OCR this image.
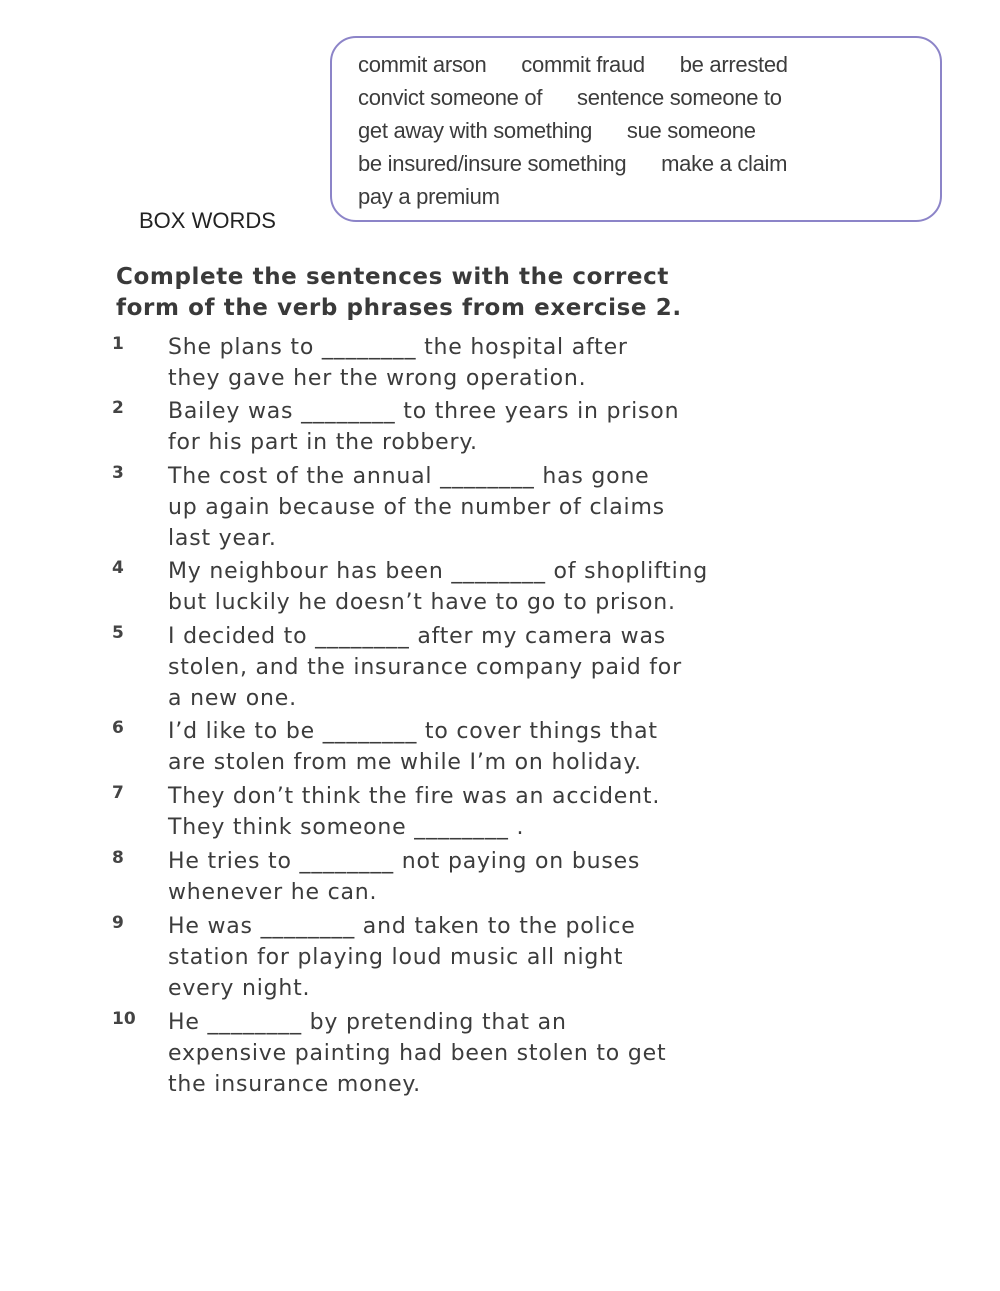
commit arson      commit fraud      be arrested
convict someone of      sentence someone to
get away with something      sue someone
be insured/insure something      make a claim
pay a premium
BOX WORDS
Complete the sentences with the correct
form of the verb phrases from exercise 2.
1	She plans to ________ the hospital after
they gave her the wrong operation.
2	Bailey was ________ to three years in prison
for his part in the robbery.
3	The cost of the annual ________ has gone
up again because of the number of claims
last year.
4	My neighbour has been ________ of shoplifting
but luckily he doesn’t have to go to prison.
5	I decided to ________ after my camera was
stolen, and the insurance company paid for
a new one.
6	I’d like to be ________ to cover things that
are stolen from me while I’m on holiday.
7	They don’t think the fire was an accident.
They think someone ________ .
8	He tries to ________ not paying on buses
whenever he can.
9	He was ________ and taken to the police
station for playing loud music all night
every night.
10	He ________ by pretending that an
expensive painting had been stolen to get
the insurance money.
